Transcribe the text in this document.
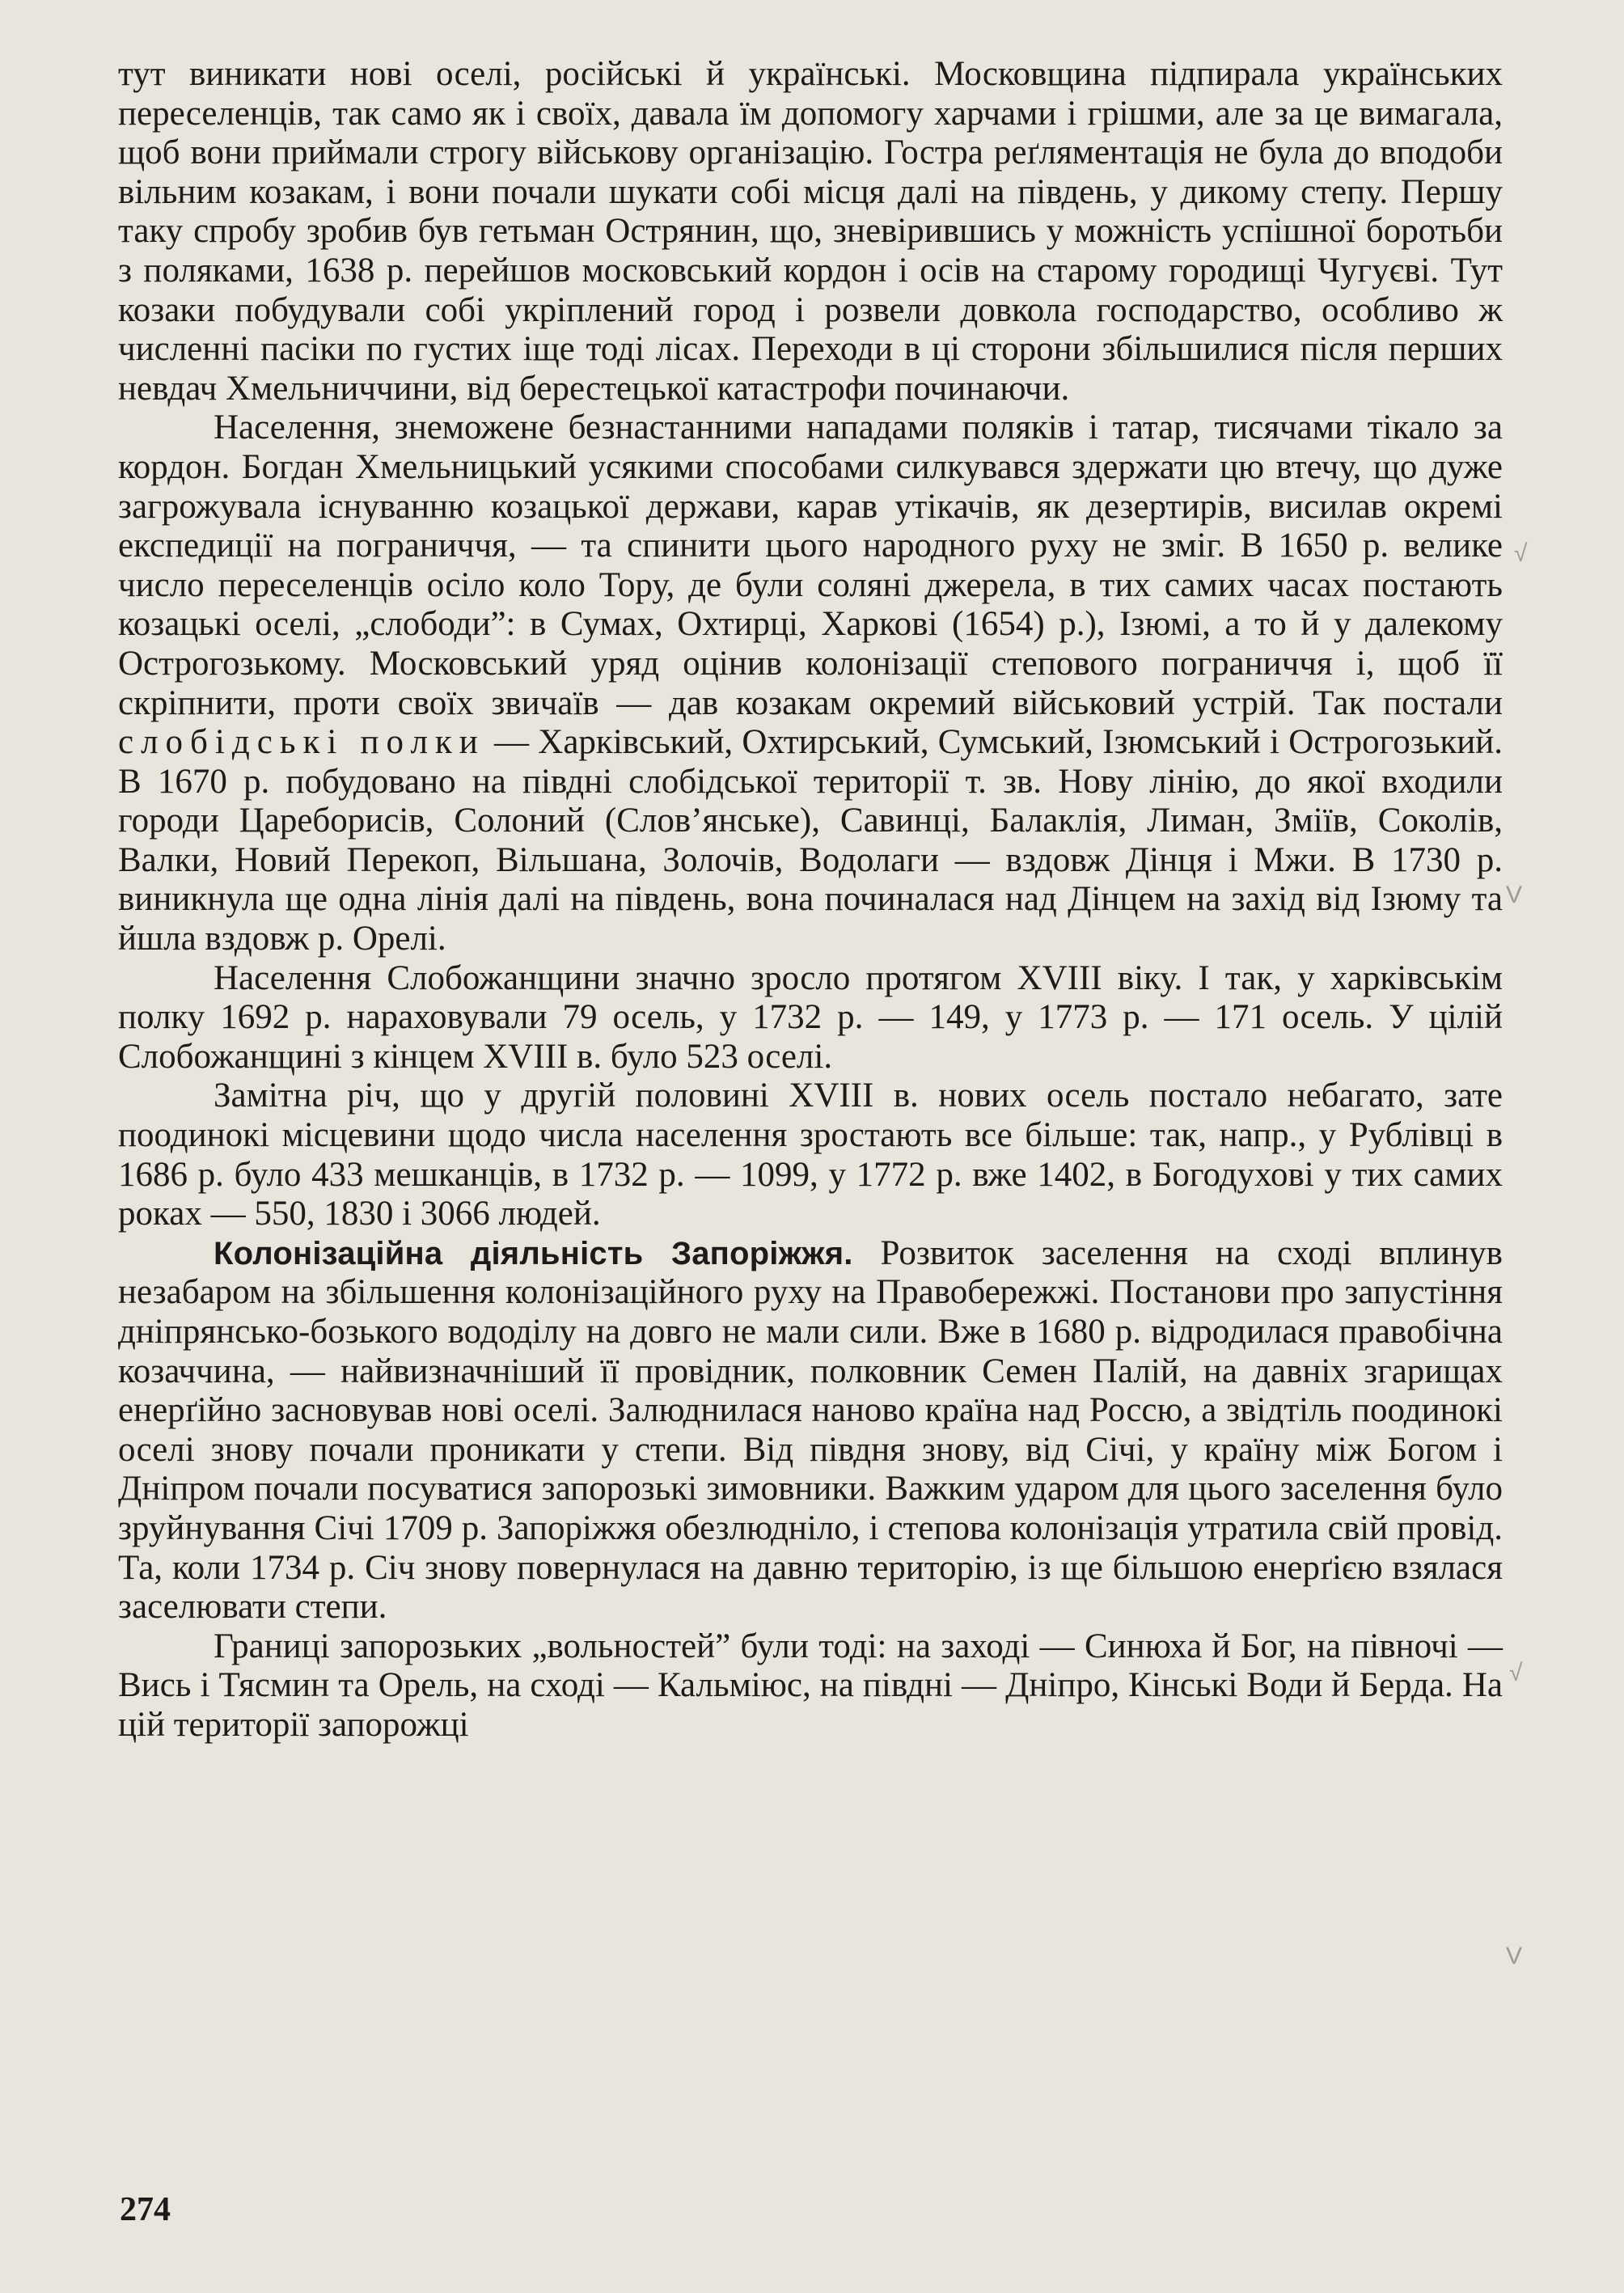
тут виникати нові оселі, російські й українські. Московщина підпирала українських переселенців, так само як і своїх, давала їм допомогу харчами і грішми, але за це вимагала, щоб вони приймали строгу військову організацію. Гостра реґляментація не була до вподоби вільним козакам, і вони почали шукати собі місця далі на південь, у дикому степу. Першу таку спробу зробив був гетьман Острянин, що, зневірившись у можність успішної боротьби з поляками, 1638 р. перейшов московський кордон і осів на старому городищі Чугуєві. Тут козаки побудували собі укріплений город і розвели довкола господарство, особливо ж численні пасіки по густих іще тоді лісах. Переходи в ці сторони збільшилися після перших невдач Хмельниччини, від берестецької катастрофи починаючи.

Населення, знеможене безнастанними нападами поляків і татар, тисячами тікало за кордон. Богдан Хмельницький усякими способами силкувався здержати цю втечу, що дуже загрожувала існуванню козацької держави, карав утікачів, як дезертирів, висилав окремі експедиції на пограниччя, — та спинити цього народного руху не зміг. В 1650 р. велике число переселенців осіло коло Тору, де були соляні джерела, в тих самих часах постають козацькі оселі, „слободи”: в Сумах, Охтирці, Харкові (1654) р.), Ізюмі, а то й у далекому Острогозькому. Московський уряд оцінив колонізації степового пограниччя і, щоб її скріпнити, проти своїх звичаїв — дав козакам окремий військовий устрій. Так постали слобідські полки — Харківський, Охтирський, Сумський, Ізюмський і Острогозький. В 1670 р. побудовано на півдні слобідської території т. зв. Нову лінію, до якої входили городи Цареборисів, Солоний (Слов’янське), Савинці, Балаклія, Лиман, Зміїв, Соколів, Валки, Новий Перекоп, Вільшана, Золочів, Водолаги — вздовж Дінця і Мжи. В 1730 р. виникнула ще одна лінія далі на південь, вона починалася над Дінцем на захід від Ізюму та йшла вздовж р. Орелі.

Населення Слобожанщини значно зросло протягом XVIII віку. І так, у харківськім полку 1692 р. нараховували 79 осель, у 1732 р. — 149, у 1773 р. — 171 осель. У цілій Слобожанщині з кінцем XVIII в. було 523 оселі.

Замітна річ, що у другій половині XVIII в. нових осель постало небагато, зате поодинокі місцевини щодо числа населення зростають все більше: так, напр., у Рублівці в 1686 р. було 433 мешканців, в 1732 р. — 1099, у 1772 р. вже 1402, в Богодухові у тих самих роках — 550, 1830 і 3066 людей.

Колонізаційна діяльність Запоріжжя. Розвиток заселення на сході вплинув незабаром на збільшення колонізаційного руху на Правобережжі. Постанови про запустіння дніпрянсько-бозького вододілу на довго не мали сили. Вже в 1680 р. відродилася правобічна козаччина, — найвизначніший її провідник, полковник Семен Палій, на давніх згарищах енерґійно засновував нові оселі. Залюднилася наново країна над Россю, а звідтіль поодинокі оселі знову почали проникати у степи. Від півдня знову, від Січі, у країну між Богом і Дніпром почали посуватися запорозькі зимовники. Важким ударом для цього заселення було зруйнування Січі 1709 р. Запоріжжя обезлюдніло, і степова колонізація утратила свій провід. Та, коли 1734 р. Січ знову повернулася на давню територію, із ще більшою енерґією взялася заселювати степи.

Границі запорозьких „вольностей” були тоді: на заході — Синюха й Бог, на півночі — Вись і Тясмин та Орель, на сході — Кальміюс, на півдні — Дніпро, Кінські Води й Берда. На цій території запорожці

√
V
√
V
274
